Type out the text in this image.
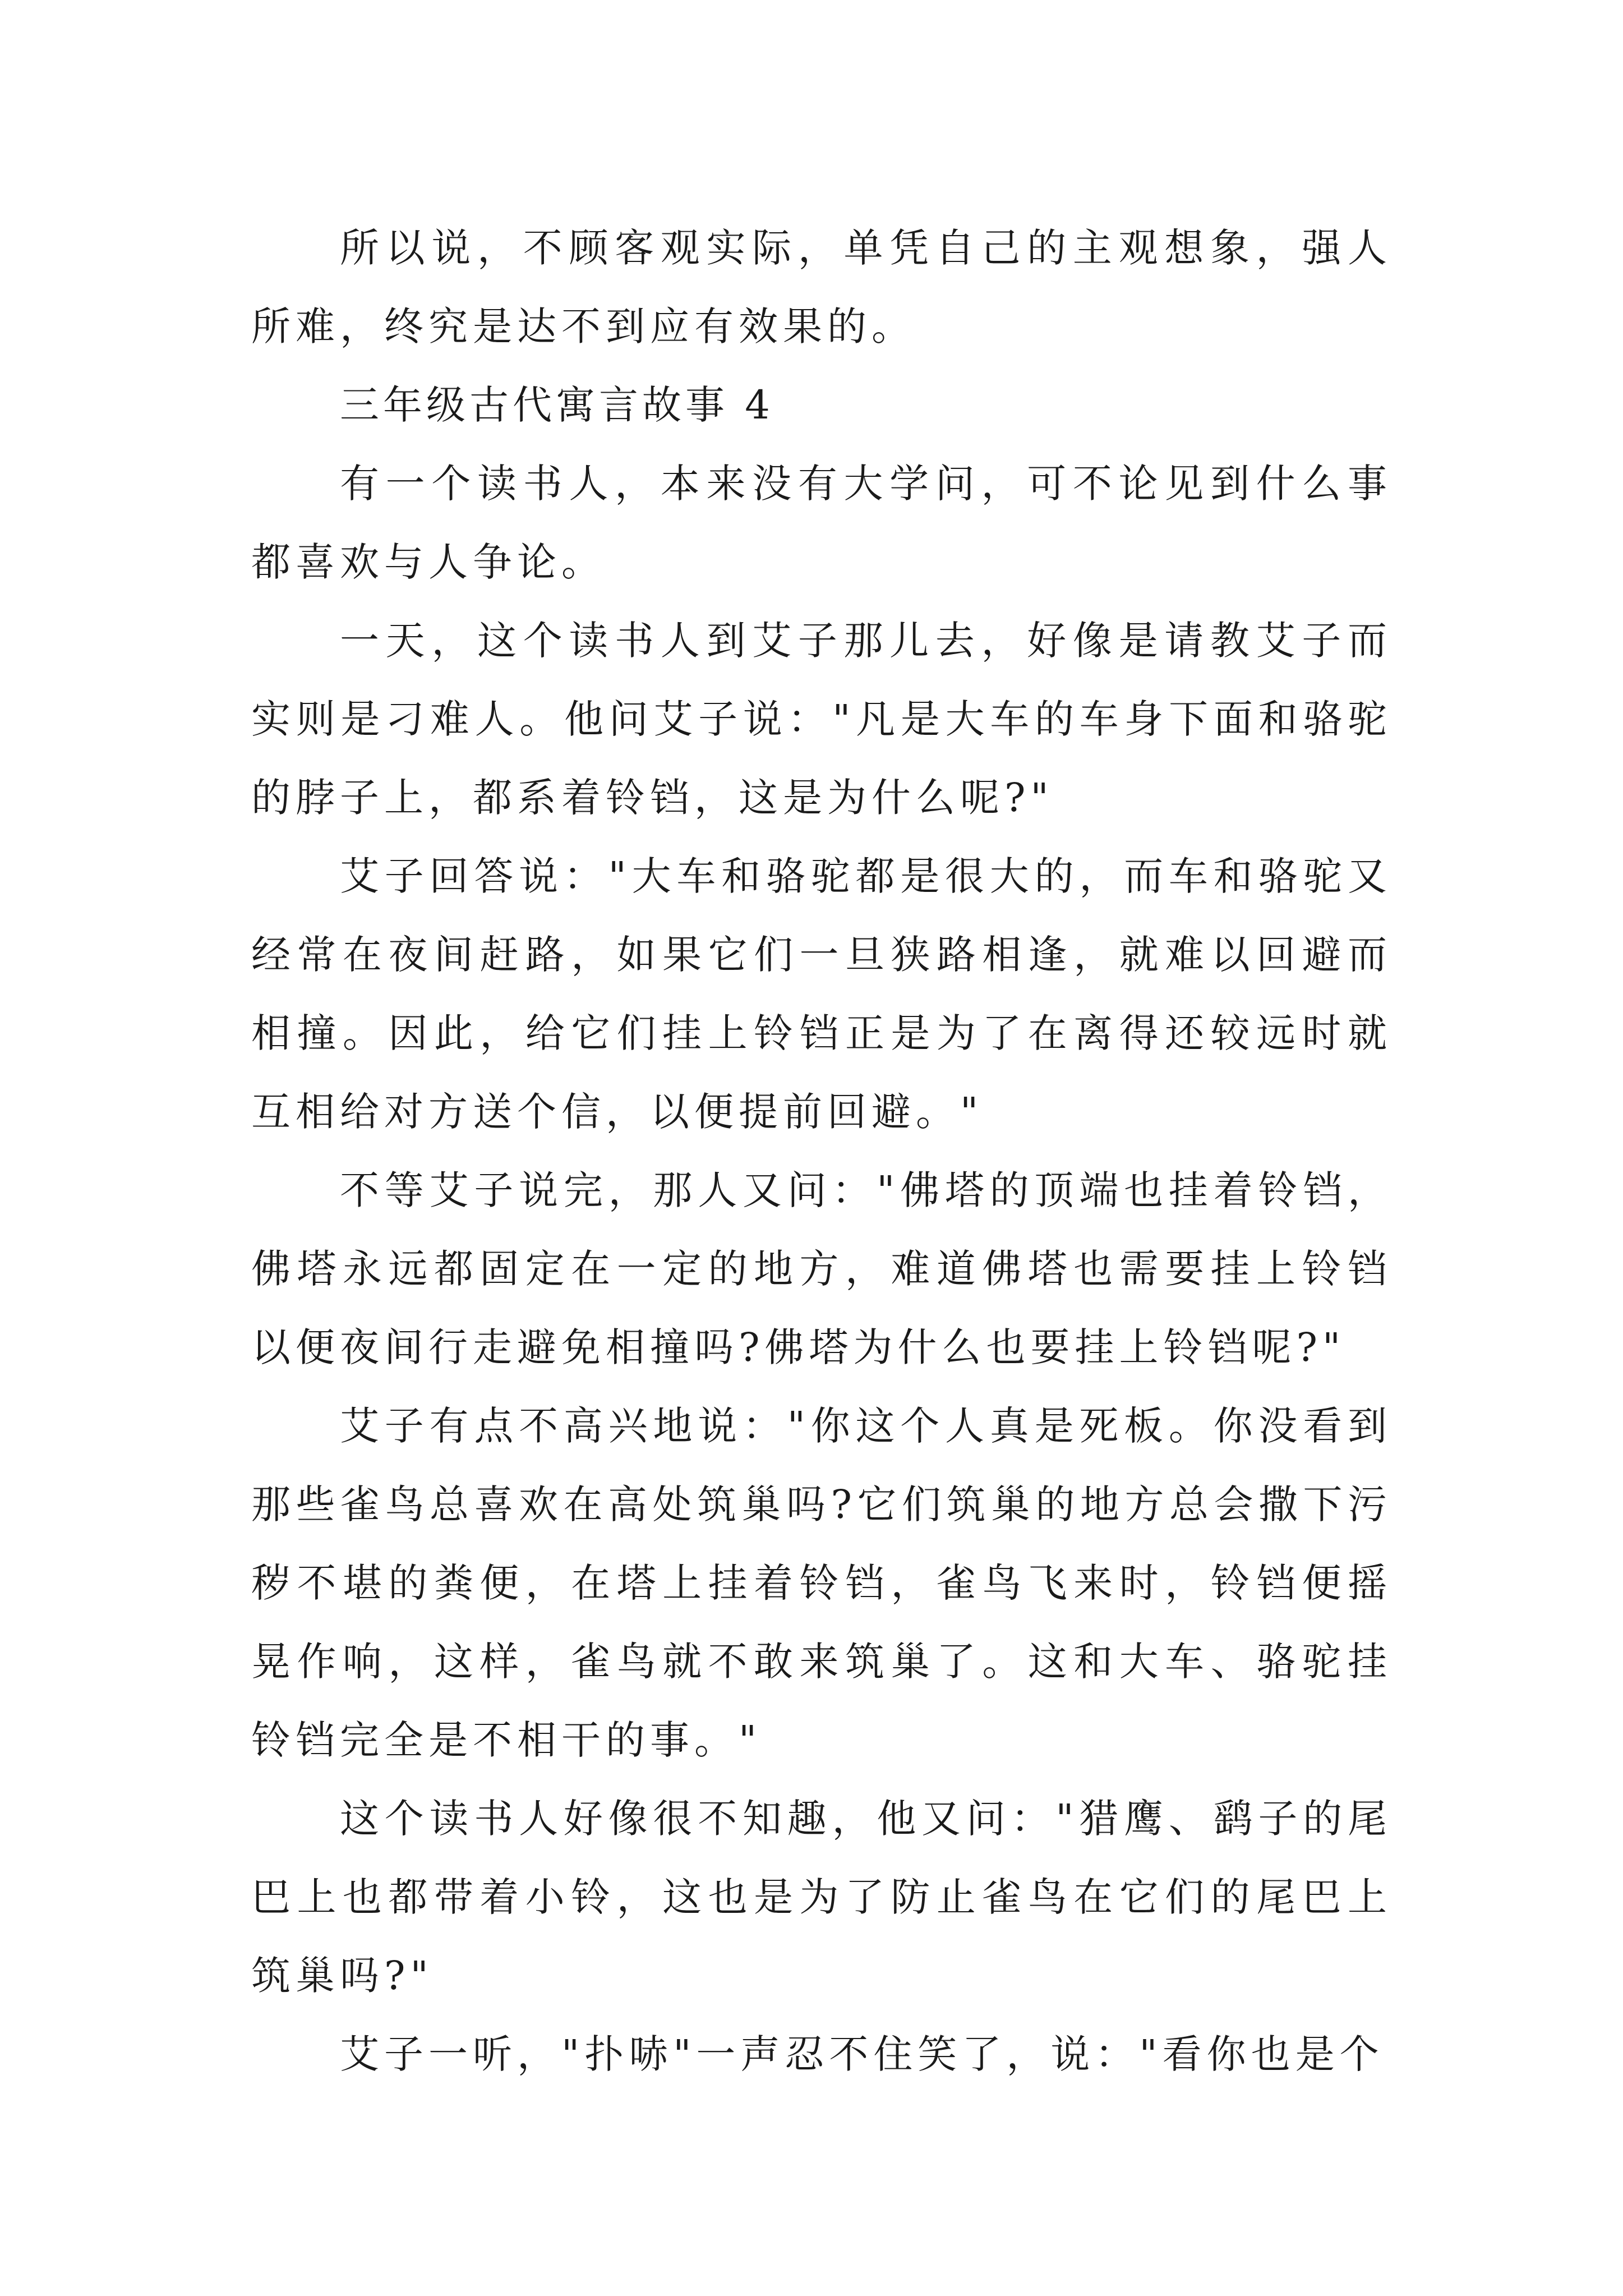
所以说，不顾客观实际，单凭自己的主观想象，强人所难，终究是达不到应有效果的。

三年级古代寓言故事 4

有一个读书人，本来没有大学问，可不论见到什么事都喜欢与人争论。

一天，这个读书人到艾子那儿去，好像是请教艾子而实则是刁难人。他问艾子说："凡是大车的车身下面和骆驼的脖子上，都系着铃铛，这是为什么呢?"

艾子回答说："大车和骆驼都是很大的，而车和骆驼又经常在夜间赶路，如果它们一旦狭路相逢，就难以回避而相撞。因此，给它们挂上铃铛正是为了在离得还较远时就互相给对方送个信，以便提前回避。"

不等艾子说完，那人又问："佛塔的顶端也挂着铃铛，佛塔永远都固定在一定的地方，难道佛塔也需要挂上铃铛以便夜间行走避免相撞吗?佛塔为什么也要挂上铃铛呢?"

艾子有点不高兴地说："你这个人真是死板。你没看到那些雀鸟总喜欢在高处筑巢吗?它们筑巢的地方总会撒下污秽不堪的粪便，在塔上挂着铃铛，雀鸟飞来时，铃铛便摇晃作响，这样，雀鸟就不敢来筑巢了。这和大车、骆驼挂铃铛完全是不相干的事。"

这个读书人好像很不知趣，他又问："猎鹰、鹞子的尾巴上也都带着小铃，这也是为了防止雀鸟在它们的尾巴上筑巢吗?"

艾子一听，"扑哧"一声忍不住笑了，说："看你也是个
